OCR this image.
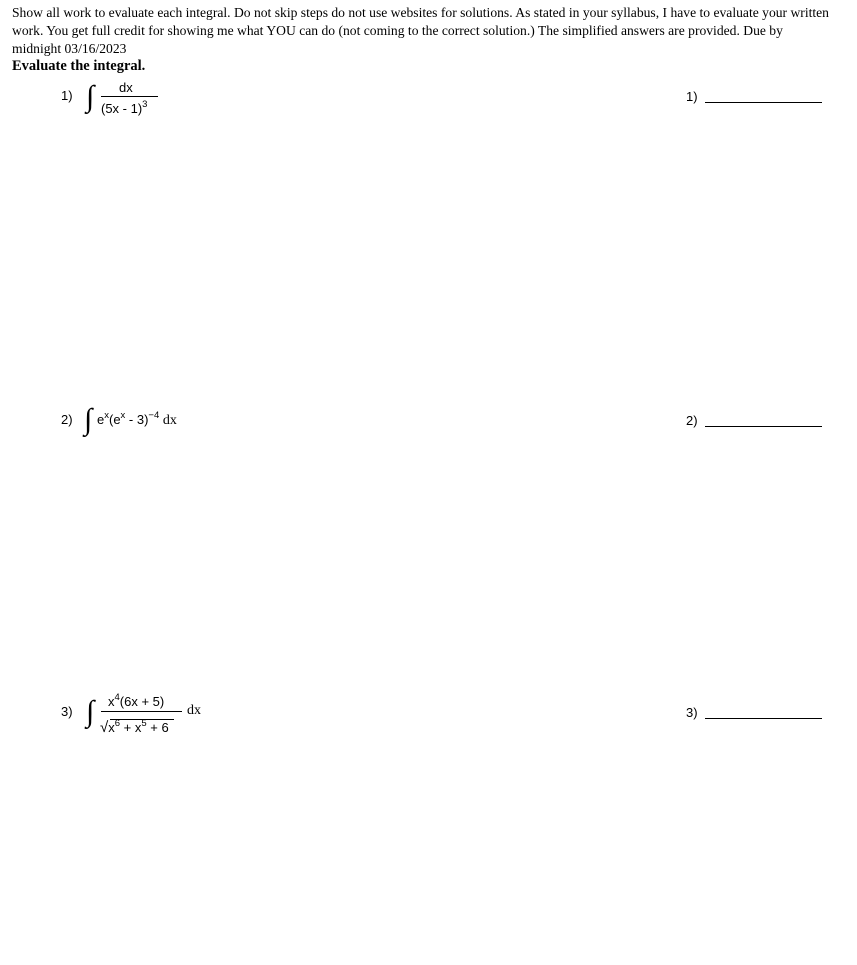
Show all work to evaluate each integral. Do not skip steps do not use websites for solutions. As stated in your syllabus, I have to evaluate your written work. You get full credit for showing me what YOU can do (not coming to the correct solution.) The simplified answers are provided. Due by midnight 03/16/2023
Evaluate the integral.
1) ∫ dx
(5x - 1)$^3$
1)
2) ∫ $e^x(e^x - 3)^{-4}$ dx	2)
3) ∫ $x^4(6x + 5)$
$√x^6 + x^5 + 6$
dx	3)
